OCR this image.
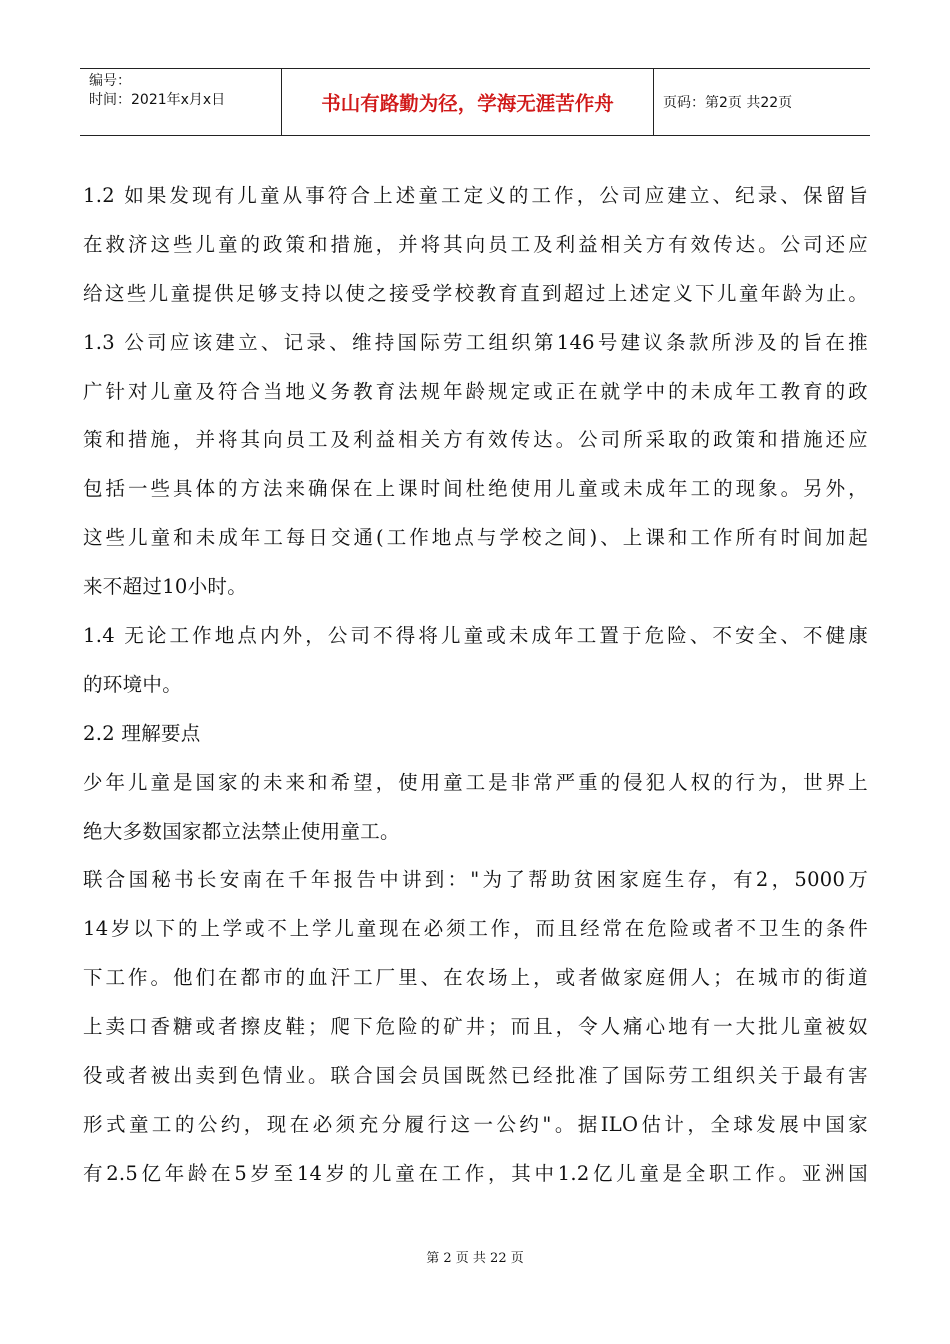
编号：
时间：2021年x月x日	书山有路勤为径，学海无涯苦作舟	页码：第2页 共22页
1.2 如果发现有儿童从事符合上述童工定义的工作，公司应建立、纪录、保留旨
在救济这些儿童的政策和措施，并将其向员工及利益相关方有效传达。公司还应
给这些儿童提供足够支持以使之接受学校教育直到超过上述定义下儿童年龄为止。
1.3 公司应该建立、记录、维持国际劳工组织第146号建议条款所涉及的旨在推
广针对儿童及符合当地义务教育法规年龄规定或正在就学中的未成年工教育的政
策和措施，并将其向员工及利益相关方有效传达。公司所采取的政策和措施还应
包括一些具体的方法来确保在上课时间杜绝使用儿童或未成年工的现象。另外，
这些儿童和未成年工每日交通(工作地点与学校之间)、上课和工作所有时间加起
来不超过10小时。
1.4 无论工作地点内外，公司不得将儿童或未成年工置于危险、不安全、不健康
的环境中。
2.2 理解要点
少年儿童是国家的未来和希望，使用童工是非常严重的侵犯人权的行为，世界上
绝大多数国家都立法禁止使用童工。
联合国秘书长安南在千年报告中讲到："为了帮助贫困家庭生存，有2，5000万
14岁以下的上学或不上学儿童现在必须工作，而且经常在危险或者不卫生的条件
下工作。他们在都市的血汗工厂里、在农场上，或者做家庭佣人；在城市的街道
上卖口香糖或者擦皮鞋；爬下危险的矿井；而且，令人痛心地有一大批儿童被奴
役或者被出卖到色情业。联合国会员国既然已经批准了国际劳工组织关于最有害
形式童工的公约，现在必须充分履行这一公约"。据ILO估计，全球发展中国家
有2.5亿年龄在5岁至14岁的儿童在工作，其中1.2亿儿童是全职工作。亚洲国
第 2 页 共 22 页
